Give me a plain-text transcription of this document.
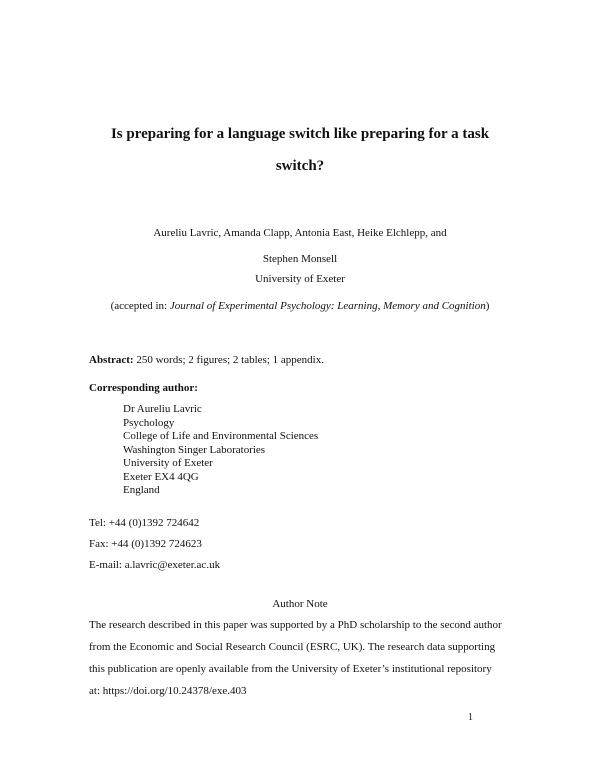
Is preparing for a language switch like preparing for a task
switch?
Aureliu Lavric, Amanda Clapp, Antonia East, Heike Elchlepp, and
Stephen Monsell
University of Exeter
(accepted in: Journal of Experimental Psychology: Learning, Memory and Cognition)
Abstract: 250 words; 2 figures; 2 tables; 1 appendix.
Corresponding author:
Dr Aureliu Lavric
Psychology
College of Life and Environmental Sciences
Washington Singer Laboratories
University of Exeter
Exeter EX4 4QG
England
Tel: +44 (0)1392 724642
Fax: +44 (0)1392 724623
E-mail: a.lavric@exeter.ac.uk
Author Note
The research described in this paper was supported by a PhD scholarship to the second author
from the Economic and Social Research Council (ESRC, UK). The research data supporting
this publication are openly available from the University of Exeter’s institutional repository
at: https://doi.org/10.24378/exe.403
1
